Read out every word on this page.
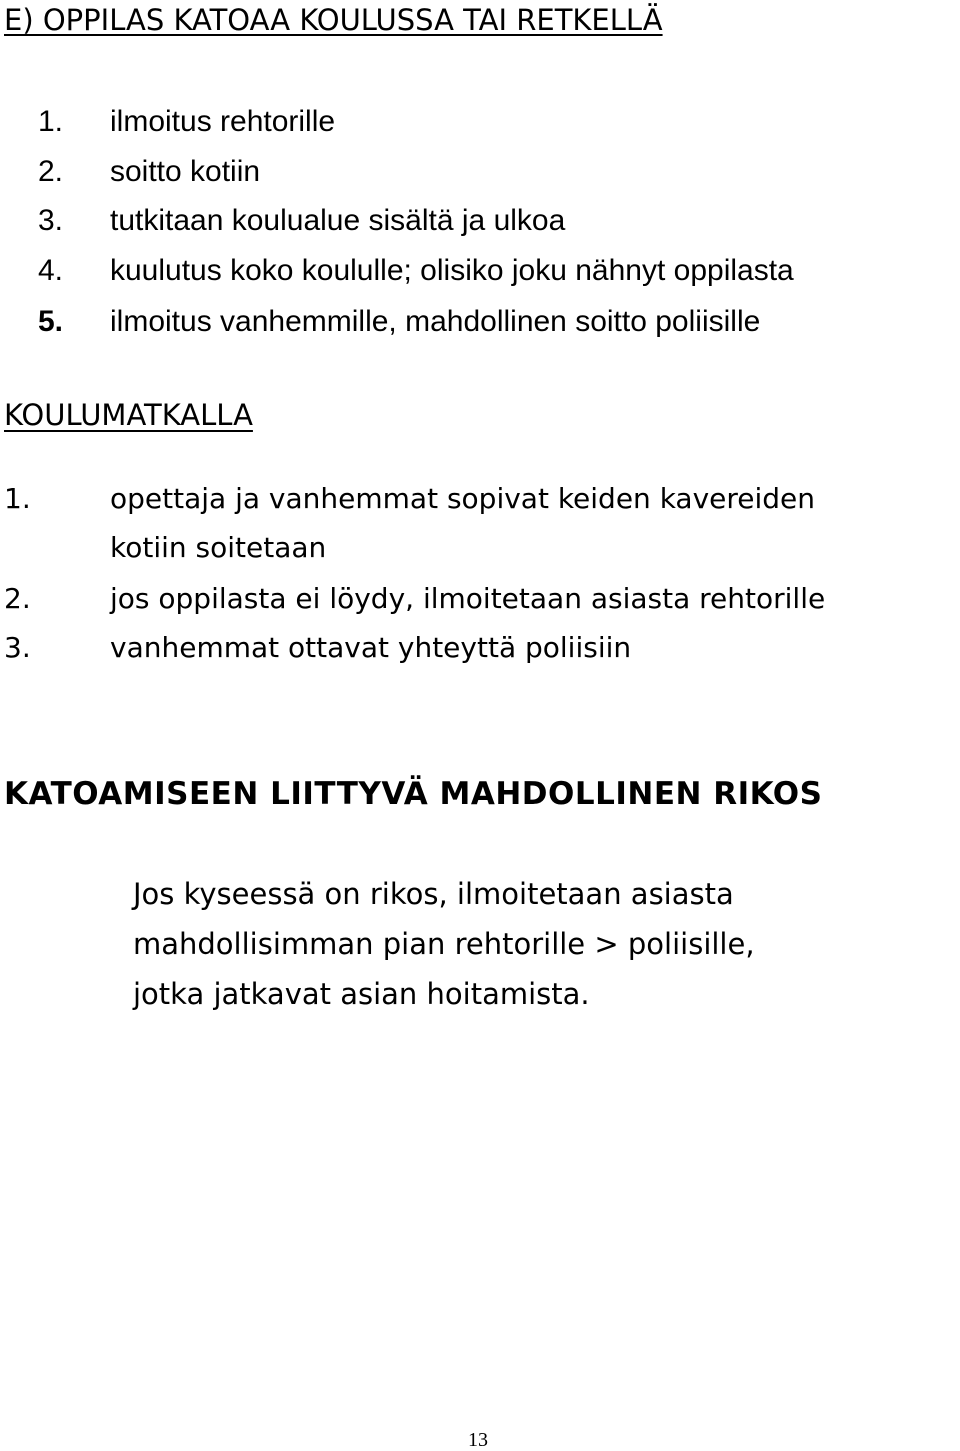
E) OPPILAS KATOAA KOULUSSA TAI RETKELLÄ
1. ilmoitus rehtorille
2. soitto kotiin
3. tutkitaan koulualue sisältä ja ulkoa
4. kuulutus koko koululle; olisiko joku nähnyt oppilasta
5. ilmoitus vanhemmille, mahdollinen soitto poliisille
KOULUMATKALLA
1.	opettaja ja vanhemmat sopivat keiden kavereiden
kotiin soitetaan
2.	jos oppilasta ei löydy, ilmoitetaan asiasta rehtorille
3.	vanhemmat ottavat yhteyttä poliisiin
KATOAMISEEN LIITTYVÄ MAHDOLLINEN RIKOS
Jos kyseessä on rikos, ilmoitetaan asiasta
mahdollisimman pian rehtorille > poliisille,
jotka jatkavat asian hoitamista.
13
